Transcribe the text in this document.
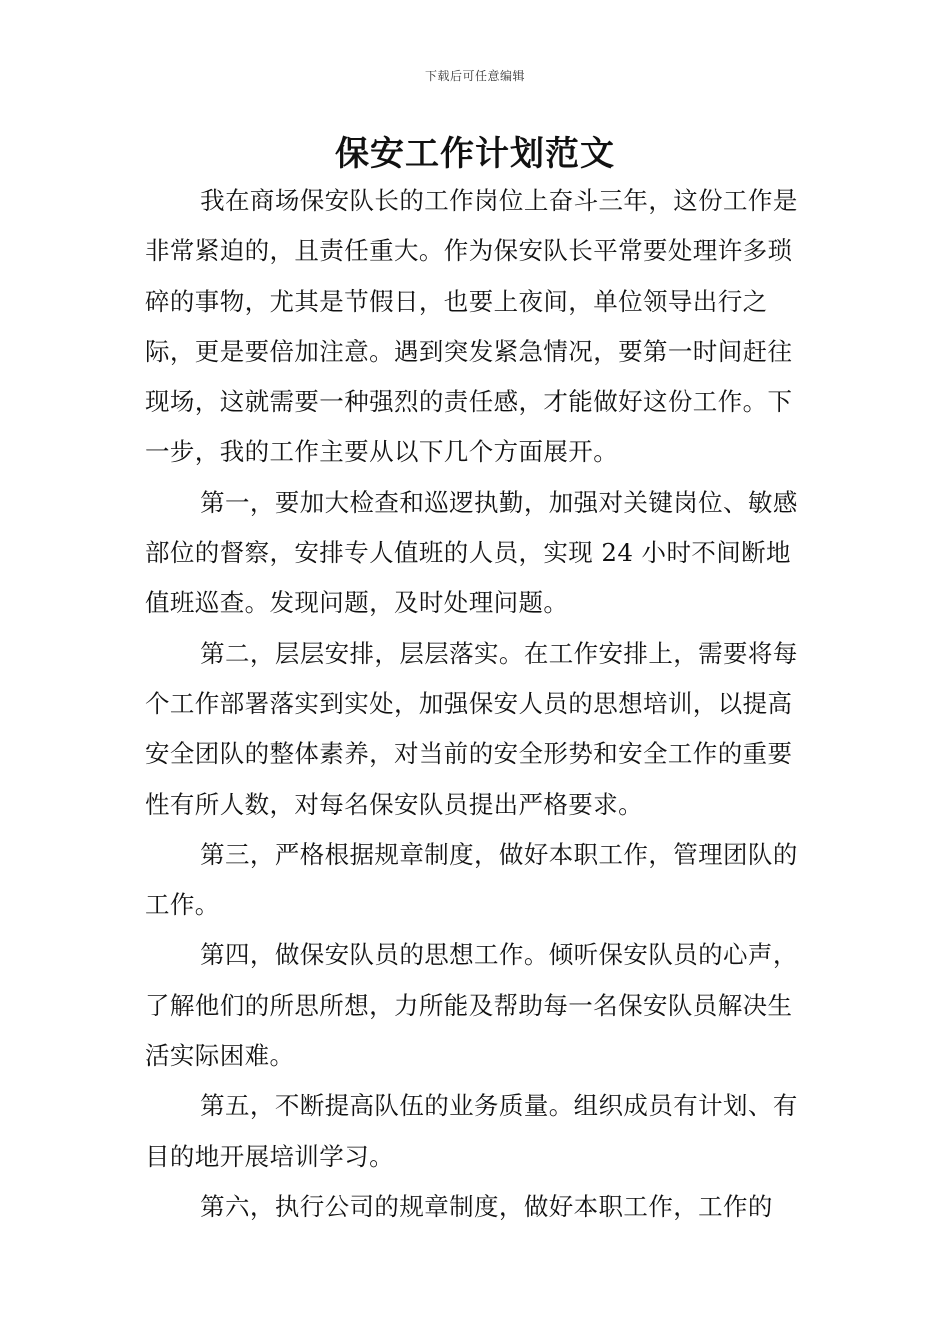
下载后可任意编辑
保安工作计划范文

我在商场保安队长的工作岗位上奋斗三年，这份工作是非常紧迫的，且责任重大。作为保安队长平常要处理许多琐碎的事物，尤其是节假日，也要上夜间，单位领导出行之际，更是要倍加注意。遇到突发紧急情况，要第一时间赶往现场，这就需要一种强烈的责任感，才能做好这份工作。下一步，我的工作主要从以下几个方面展开。

第一，要加大检查和巡逻执勤，加强对关键岗位、敏感部位的督察，安排专人值班的人员，实现 24 小时不间断地值班巡查。发现问题，及时处理问题。

第二，层层安排，层层落实。在工作安排上，需要将每个工作部署落实到实处，加强保安人员的思想培训，以提高安全团队的整体素养，对当前的安全形势和安全工作的重要性有所人数，对每名保安队员提出严格要求。

第三，严格根据规章制度，做好本职工作，管理团队的工作。

第四，做保安队员的思想工作。倾听保安队员的心声，了解他们的所思所想，力所能及帮助每一名保安队员解决生活实际困难。

第五，不断提高队伍的业务质量。组织成员有计划、有目的地开展培训学习。

第六，执行公司的规章制度，做好本职工作，工作的
